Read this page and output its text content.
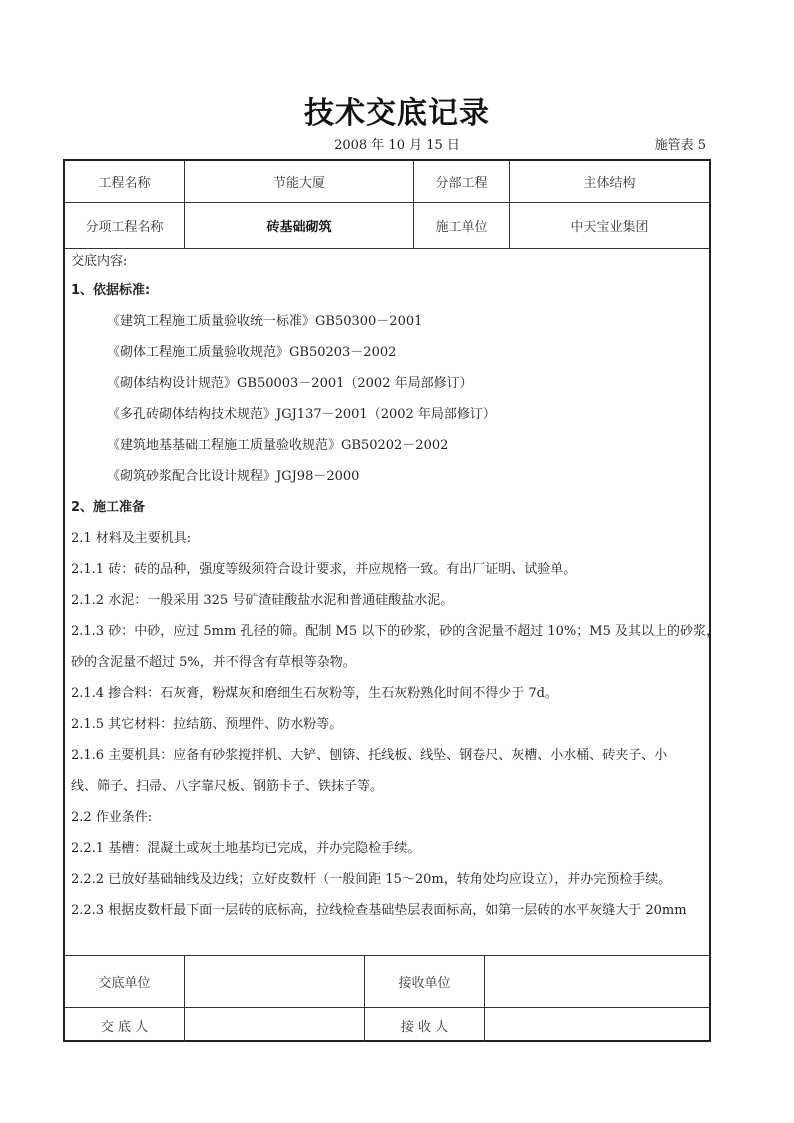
技术交底记录
2008 年 10 月 15 日	施管表 5
工程名称	节能大厦	分部工程	主体结构
分项工程名称	砖基础砌筑	施工单位	中天宝业集团
交底内容:
1、依据标准:
《建筑工程施工质量验收统一标准》GB50300－2001
《砌体工程施工质量验收规范》GB50203－2002
《砌体结构设计规范》GB50003－2001（2002 年局部修订）
《多孔砖砌体结构技术规范》JGJ137－2001（2002 年局部修订）
《建筑地基基础工程施工质量验收规范》GB50202－2002
《砌筑砂浆配合比设计规程》JGJ98－2000
2、施工准备
2.1 材料及主要机具:
2.1.1 砖：砖的品种，强度等级须符合设计要求，并应规格一致。有出厂证明、试验单。
2.1.2 水泥：一般采用 325 号矿渣硅酸盐水泥和普通硅酸盐水泥。
2.1.3 砂：中砂，应过 5mm 孔径的筛。配制 M5 以下的砂浆，砂的含泥量不超过 10%；M5 及其以上的砂浆，
砂的含泥量不超过 5%，并不得含有草根等杂物。
2.1.4 掺合料：石灰膏，粉煤灰和磨细生石灰粉等，生石灰粉熟化时间不得少于 7d。
2.1.5 其它材料：拉结筋、预埋件、防水粉等。
2.1.6 主要机具：应备有砂浆搅拌机、大铲、刨锛、托线板、线坠、钢卷尺、灰槽、小水桶、砖夹子、小
线、筛子、扫帚、八字靠尺板、钢筋卡子、铁抹子等。
2.2 作业条件:
2.2.1 基槽：混凝土或灰土地基均已完成，并办完隐检手续。
2.2.2 已放好基础轴线及边线；立好皮数杆（一般间距 15～20m，转角处均应设立），并办完预检手续。
2.2.3 根据皮数杆最下面一层砖的底标高，拉线检查基础垫层表面标高，如第一层砖的水平灰缝大于 20mm
交底单位	接收单位
交 底 人	接 收 人
